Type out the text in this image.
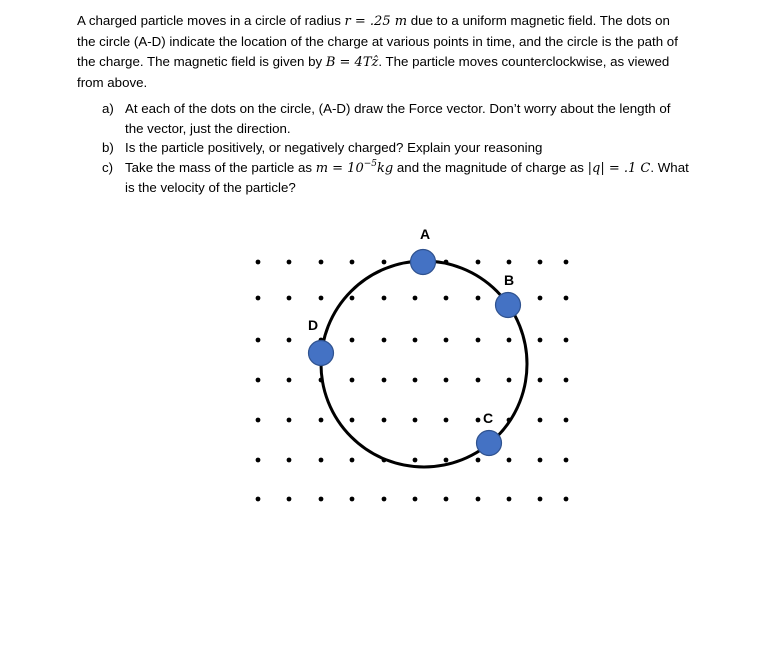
A charged particle moves in a circle of radius r = .25 m due to a uniform magnetic field. The dots on
the circle (A-D) indicate the location of the charge at various points in time, and the circle is the path of
the charge. The magnetic field is given by B = 4Tẑ. The particle moves counterclockwise, as viewed
from above.
a) At each of the dots on the circle, (A-D) draw the Force vector. Don’t worry about the length of
the vector, just the direction.
b) Is the particle positively, or negatively charged? Explain your reasoning
c) Take the mass of the particle as $m = 10^{-5}kg$ and the magnitude of charge as |q| = .1 C. What
is the velocity of the particle?
A
B
C
D
